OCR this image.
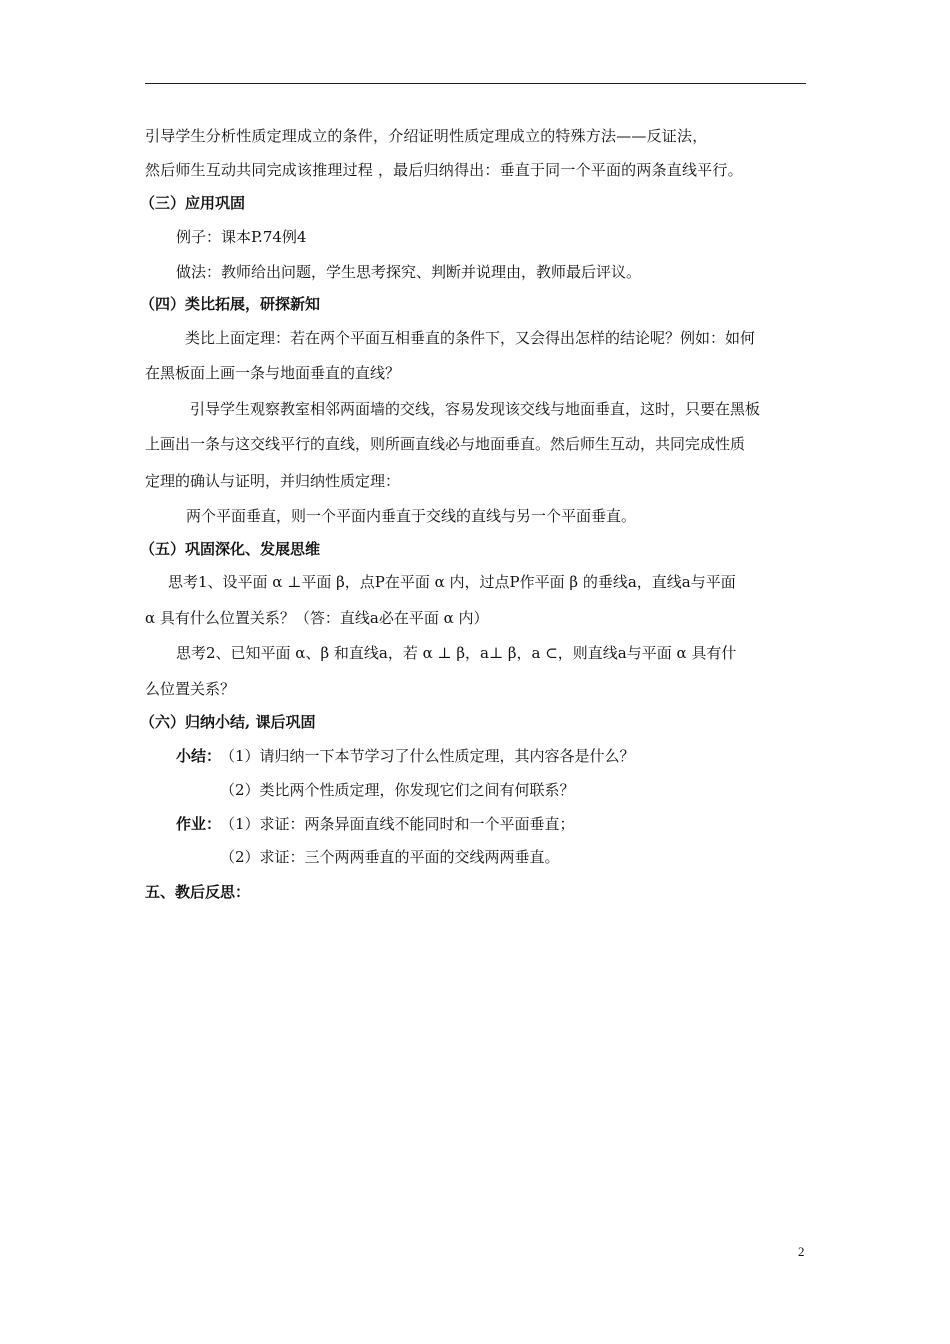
引导学生分析性质定理成立的条件，介绍证明性质定理成立的特殊方法——反证法，
然后师生互动共同完成该推理过程 ，最后归纳得出：垂直于同一个平面的两条直线平行。
（三）应用巩固
例子：课本P.74例4
做法：教师给出问题，学生思考探究、判断并说理由，教师最后评议。
（四）类比拓展，研探新知
类比上面定理：若在两个平面互相垂直的条件下，又会得出怎样的结论呢？例如：如何
在黑板面上画一条与地面垂直的直线？
引导学生观察教室相邻两面墙的交线，容易发现该交线与地面垂直，这时，只要在黑板
上画出一条与这交线平行的直线，则所画直线必与地面垂直。然后师生互动，共同完成性质
定理的确认与证明，并归纳性质定理：
两个平面垂直，则一个平面内垂直于交线的直线与另一个平面垂直。
（五）巩固深化、发展思维
思考1、设平面 α ⊥平面 β，点P在平面 α 内，过点P作平面 β 的垂线a，直线a与平面
α 具有什么位置关系？（答：直线a必在平面 α 内）
思考2、已知平面 α、β 和直线a，若 α ⊥ β，a⊥ β，a ⊂，则直线a与平面 α 具有什
么位置关系？
（六）归纳小结, 课后巩固
小结：
（1）请归纳一下本节学习了什么性质定理，其内容各是什么？
（2）类比两个性质定理，你发现它们之间有何联系？
作业：
（1）求证：两条异面直线不能同时和一个平面垂直；
（2）求证：三个两两垂直的平面的交线两两垂直。
五、教后反思：
2
